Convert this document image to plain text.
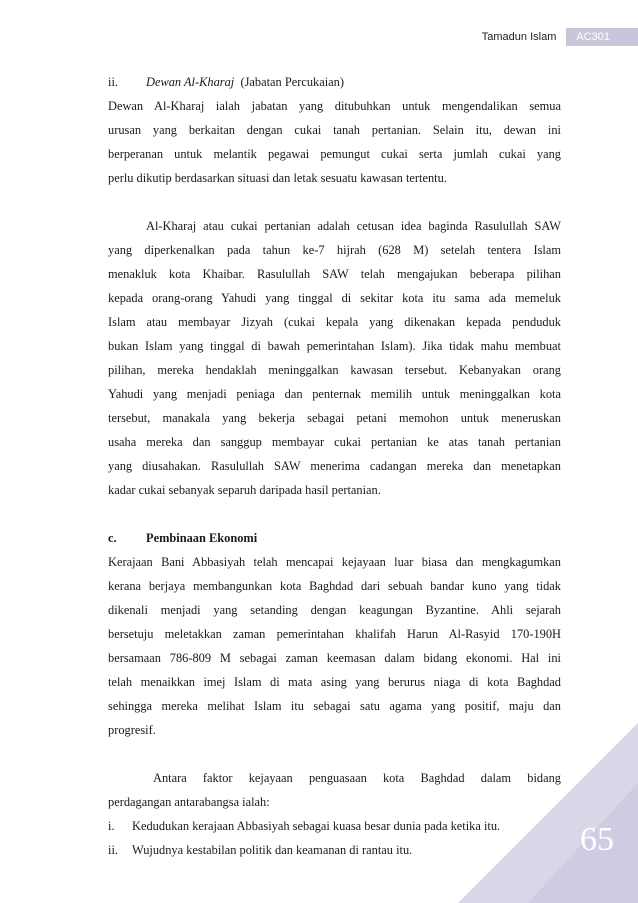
Tamadun Islam	AC301
ii. Dewan Al-Kharaj (Jabatan Percukaian)
Dewan Al-Kharaj ialah jabatan yang ditubuhkan untuk mengendalikan semua
urusan yang berkaitan dengan cukai tanah pertanian. Selain itu, dewan ini
berperanan untuk melantik pegawai pemungut cukai serta jumlah cukai yang
perlu dikutip berdasarkan situasi dan letak sesuatu kawasan tertentu.
Al-Kharaj atau cukai pertanian adalah cetusan idea baginda Rasulullah SAW
yang diperkenalkan pada tahun ke-7 hijrah (628 M) setelah tentera Islam
menakluk kota Khaibar. Rasulullah SAW telah mengajukan beberapa pilihan
kepada orang-orang Yahudi yang tinggal di sekitar kota itu sama ada memeluk
Islam atau membayar Jizyah (cukai kepala yang dikenakan kepada penduduk
bukan Islam yang tinggal di bawah pemerintahan Islam). Jika tidak mahu membuat
pilihan, mereka hendaklah meninggalkan kawasan tersebut. Kebanyakan orang
Yahudi yang menjadi peniaga dan penternak memilih untuk meninggalkan kota
tersebut, manakala yang bekerja sebagai petani memohon untuk meneruskan
usaha mereka dan sanggup membayar cukai pertanian ke atas tanah pertanian
yang diusahakan. Rasulullah SAW menerima cadangan mereka dan menetapkan
kadar cukai sebanyak separuh daripada hasil pertanian.
c. Pembinaan Ekonomi
Kerajaan Bani Abbasiyah telah mencapai kejayaan luar biasa dan mengkagumkan
kerana berjaya membangunkan kota Baghdad dari sebuah bandar kuno yang tidak
dikenali menjadi yang setanding dengan keagungan Byzantine. Ahli sejarah
bersetuju meletakkan zaman pemerintahan khalifah Harun Al-Rasyid 170-190H
bersamaan 786-809 M sebagai zaman keemasan dalam bidang ekonomi. Hal ini
telah menaikkan imej Islam di mata asing yang berurus niaga di kota Baghdad
sehingga mereka melihat Islam itu sebagai satu agama yang positif, maju dan
progresif.
Antara faktor kejayaan penguasaan kota Baghdad dalam bidang
perdagangan antarabangsa ialah:
i. Kedudukan kerajaan Abbasiyah sebagai kuasa besar dunia pada ketika itu.
ii. Wujudnya kestabilan politik dan keamanan di rantau itu.	65
